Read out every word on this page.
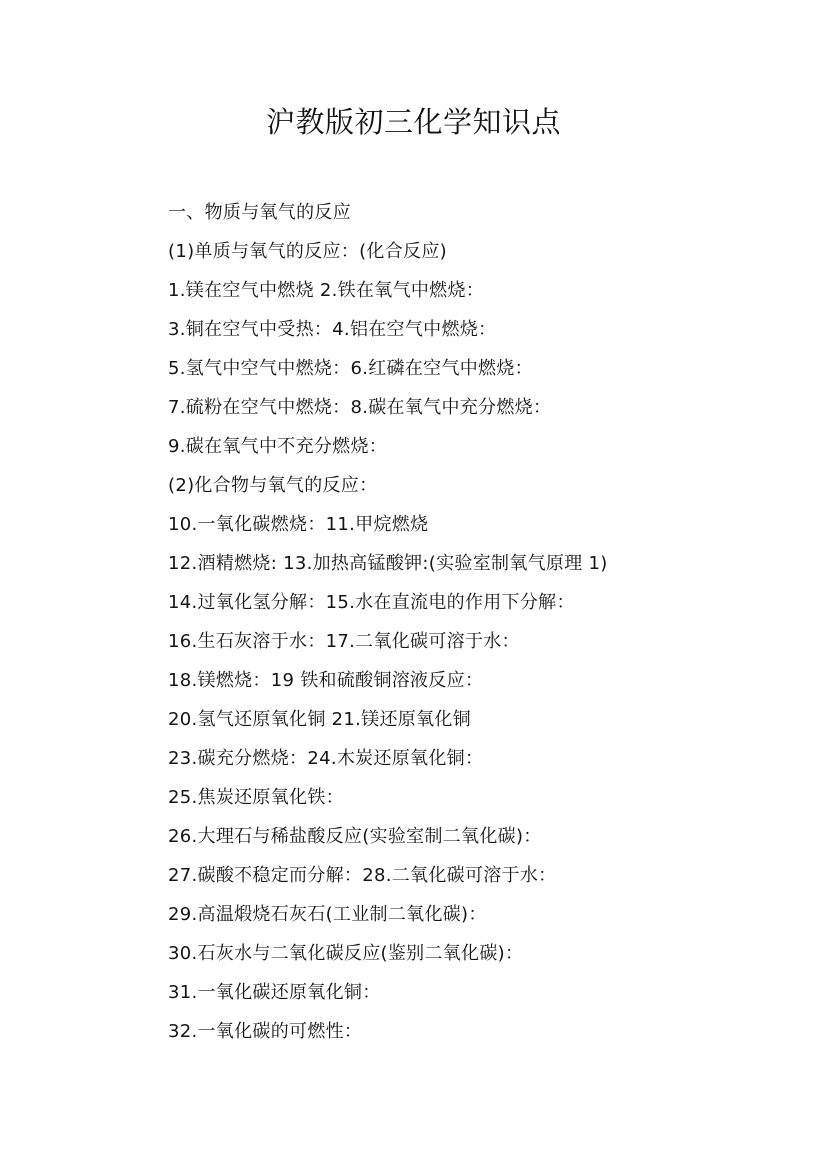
沪教版初三化学知识点
一、物质与氧气的反应
(1)单质与氧气的反应：(化合反应)
1.镁在空气中燃烧 2.铁在氧气中燃烧：
3.铜在空气中受热：4.铝在空气中燃烧：
5.氢气中空气中燃烧：6.红磷在空气中燃烧：
7.硫粉在空气中燃烧：8.碳在氧气中充分燃烧：
9.碳在氧气中不充分燃烧：
(2)化合物与氧气的反应：
10.一氧化碳燃烧：11.甲烷燃烧
12.酒精燃烧: 13.加热高锰酸钾:(实验室制氧气原理 1)
14.过氧化氢分解：15.水在直流电的作用下分解：
16.生石灰溶于水：17.二氧化碳可溶于水：
18.镁燃烧：19 铁和硫酸铜溶液反应：
20.氢气还原氧化铜 21.镁还原氧化铜
23.碳充分燃烧：24.木炭还原氧化铜：
25.焦炭还原氧化铁：
26.大理石与稀盐酸反应(实验室制二氧化碳)：
27.碳酸不稳定而分解：28.二氧化碳可溶于水：
29.高温煅烧石灰石(工业制二氧化碳)：
30.石灰水与二氧化碳反应(鉴别二氧化碳)：
31.一氧化碳还原氧化铜：
32.一氧化碳的可燃性：
